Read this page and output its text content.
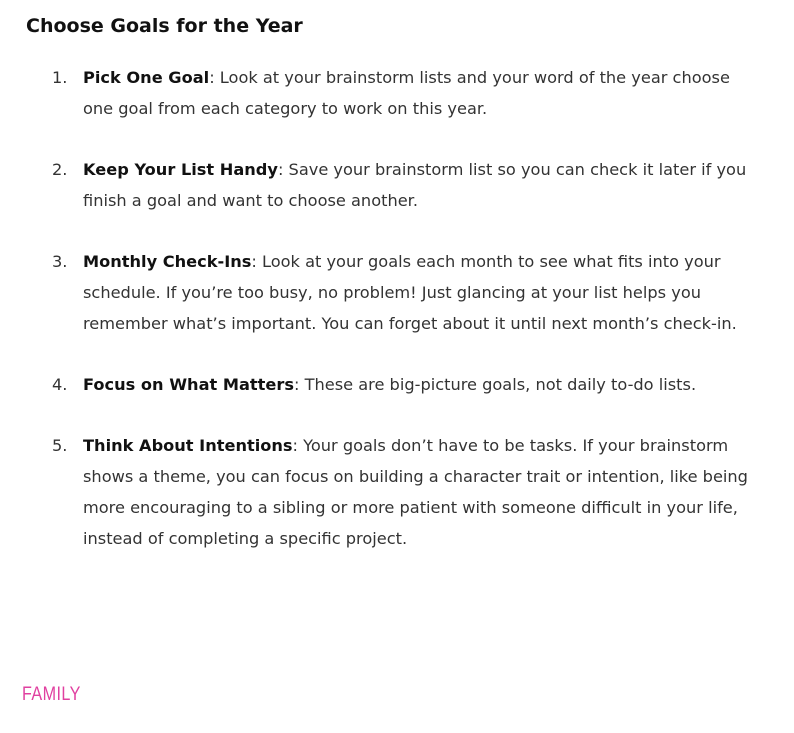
Choose Goals for the Year
1. Pick One Goal: Look at your brainstorm lists and your word of the year choose one goal from each category to work on this year.
2. Keep Your List Handy: Save your brainstorm list so you can check it later if you finish a goal and want to choose another.
3. Monthly Check-Ins: Look at your goals each month to see what fits into your schedule. If you’re too busy, no problem! Just glancing at your list helps you remember what’s important. You can forget about it until next month’s check-in.
4. Focus on What Matters: These are big-picture goals, not daily to-do lists.
5. Think About Intentions: Your goals don’t have to be tasks. If your brainstorm shows a theme, you can focus on building a character trait or intention, like being more encouraging to a sibling or more patient with someone difficult in your life, instead of completing a specific project.
FAMILY
